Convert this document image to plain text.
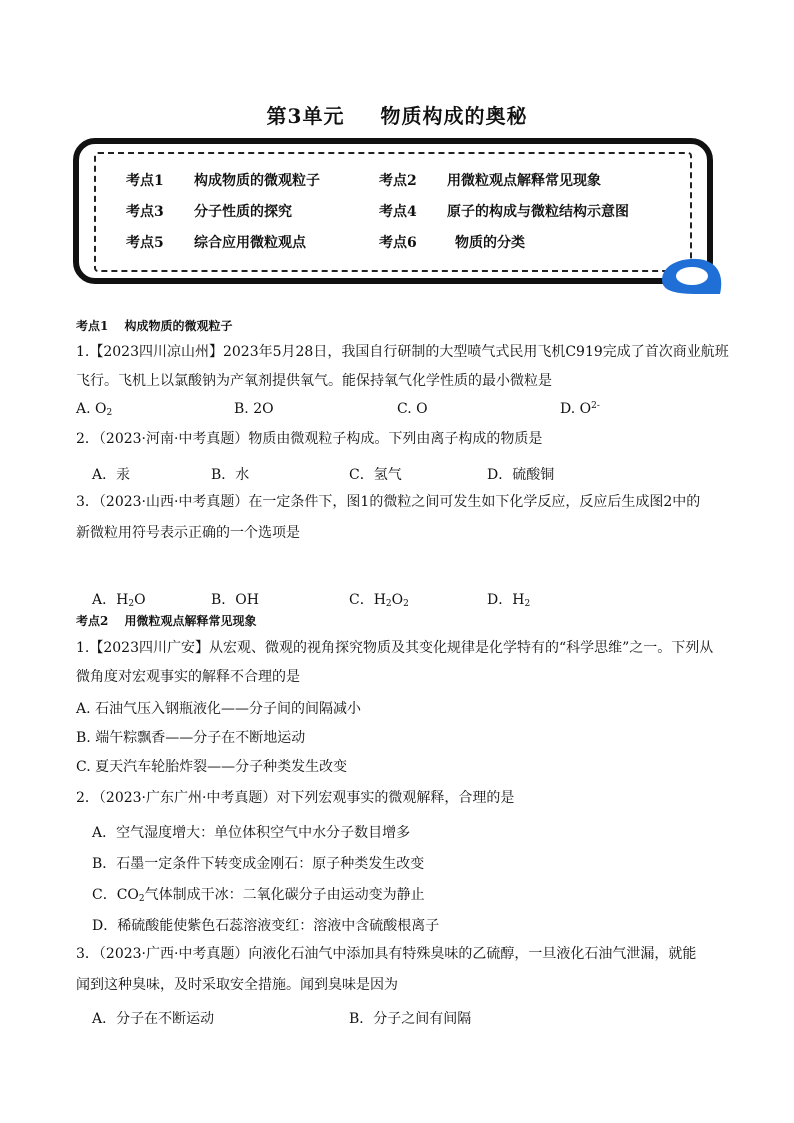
第3单元 物质构成的奥秘
考点1 构成物质的微观粒子	考点2 用微粒观点解释常见现象
考点3 分子性质的探究	考点4 原子的构成与微粒结构示意图
考点5 综合应用微粒观点	考点6	物质的分类
考点1　 构成物质的微观粒子
1.【2023四川凉山州】2023年5月28日，我国自行研制的大型喷气式民用飞机C919完成了首次商业航班
飞行。飞机上以氯酸钠为产氧剂提供氧气。能保持氧气化学性质的最小微粒是
A. $O_2$	B. 2O	C. O	D. $O^{2-}$
2．（2023·河南·中考真题）物质由微观粒子构成。下列由离子构成的物质是
A．汞	B．水	C．氢气	D．硫酸铜
3．（2023·山西·中考真题）在一定条件下，图1的微粒之间可发生如下化学反应，反应后生成图2中的
新微粒用符号表示正确的一个选项是
A．$H_2O$	B．OH	C．$H_2O_2$	D．$H_2$
考点2　 用微粒观点解释常见现象
1.【2023四川广安】从宏观、微观的视角探究物质及其变化规律是化学特有的“科学思维”之一。下列从
微角度对宏观事实的解释不合理的是
A. 石油气压入钢瓶液化——分子间的间隔减小
B. 端午粽飘香——分子在不断地运动
C. 夏天汽车轮胎炸裂——分子种类发生改变
2．（2023·广东广州·中考真题）对下列宏观事实的微观解释，合理的是
A．空气湿度增大：单位体积空气中水分子数目增多
B．石墨一定条件下转变成金刚石：原子种类发生改变
C．$CO_2$气体制成干冰：二氧化碳分子由运动变为静止
D．稀硫酸能使紫色石蕊溶液变红：溶液中含硫酸根离子
3．（2023·广西·中考真题）向液化石油气中添加具有特殊臭味的乙硫醇，一旦液化石油气泄漏，就能
闻到这种臭味，及时采取安全措施。闻到臭味是因为
A．分子在不断运动	B．分子之间有间隔
